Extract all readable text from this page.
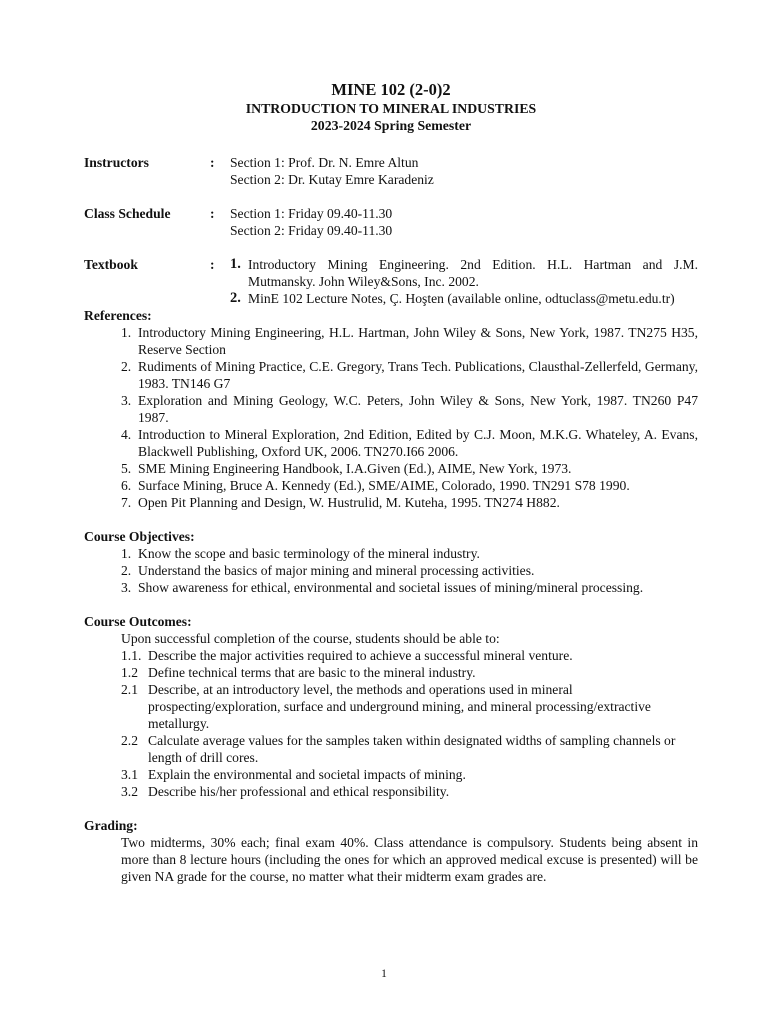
MINE 102 (2-0)2
INTRODUCTION TO MINERAL INDUSTRIES
2023-2024 Spring Semester
Instructors	:	Section 1: Prof. Dr. N. Emre Altun
Section 2: Dr. Kutay Emre Karadeniz
Class Schedule	:	Section 1: Friday 09.40-11.30
Section 2: Friday 09.40-11.30
Textbook	:	1. Introductory Mining Engineering. 2nd Edition. H.L. Hartman and J.M. Mutmansky. John Wiley&Sons, Inc. 2002.
2. MinE 102 Lecture Notes, Ç. Hoşten (available online, odtuclass@metu.edu.tr)
References:
1. Introductory Mining Engineering, H.L. Hartman, John Wiley & Sons, New York, 1987. TN275 H35, Reserve Section
2. Rudiments of Mining Practice, C.E. Gregory, Trans Tech. Publications, Clausthal-Zellerfeld, Germany, 1983. TN146 G7
3. Exploration and Mining Geology, W.C. Peters, John Wiley & Sons, New York, 1987. TN260 P47 1987.
4. Introduction to Mineral Exploration, 2nd Edition, Edited by C.J. Moon, M.K.G. Whateley, A. Evans, Blackwell Publishing, Oxford UK, 2006. TN270.I66 2006.
5. SME Mining Engineering Handbook, I.A.Given (Ed.), AIME, New York, 1973.
6. Surface Mining, Bruce A. Kennedy (Ed.), SME/AIME, Colorado, 1990. TN291 S78 1990.
7. Open Pit Planning and Design, W. Hustrulid, M. Kuteha, 1995. TN274 H882.
Course Objectives:
1. Know the scope and basic terminology of the mineral industry.
2. Understand the basics of major mining and mineral processing activities.
3. Show awareness for ethical, environmental and societal issues of mining/mineral processing.
Course Outcomes:
Upon successful completion of the course, students should be able to:
1.1. Describe the major activities required to achieve a successful mineral venture.
1.2 Define technical terms that are basic to the mineral industry.
2.1 Describe, at an introductory level, the methods and operations used in mineral prospecting/exploration, surface and underground mining, and mineral processing/extractive metallurgy.
2.2 Calculate average values for the samples taken within designated widths of sampling channels or length of drill cores.
3.1 Explain the environmental and societal impacts of mining.
3.2 Describe his/her professional and ethical responsibility.
Grading:
Two midterms, 30% each; final exam 40%. Class attendance is compulsory. Students being absent in more than 8 lecture hours (including the ones for which an approved medical excuse is presented) will be given NA grade for the course, no matter what their midterm exam grades are.
1
